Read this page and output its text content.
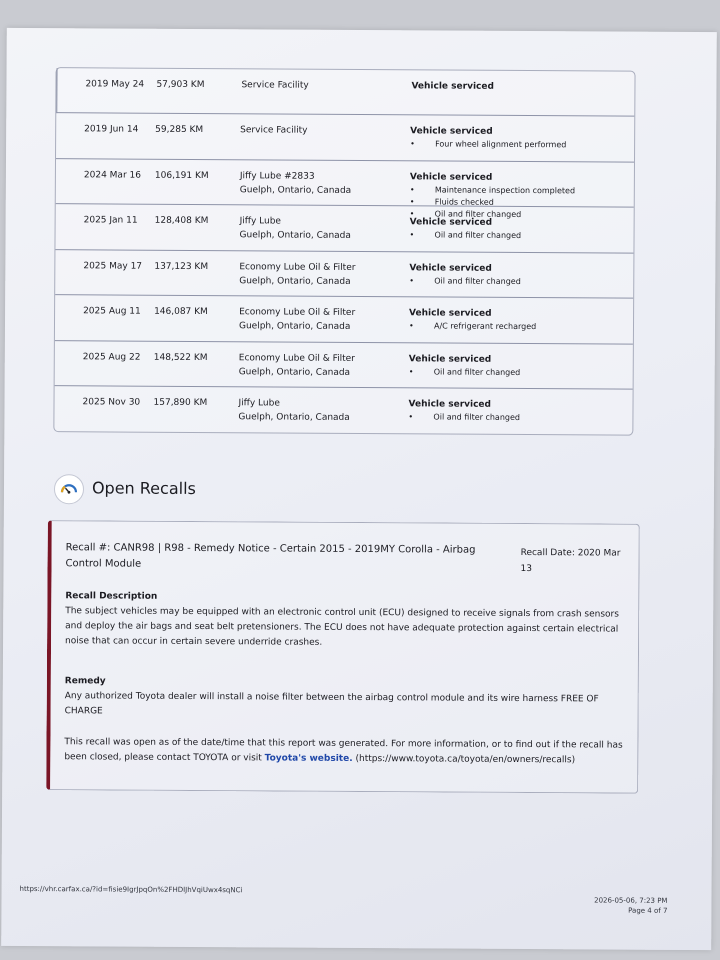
2019 May 24	57,903 KM	Service Facility	Vehicle serviced
2019 Jun 14	59,285 KM	Service Facility	Vehicle serviced
• Four wheel alignment performed
2024 Mar 16	106,191 KM	Jiffy Lube #2833
Guelph, Ontario, Canada
Vehicle serviced
• Maintenance inspection completed
• Fluids checked
• Oil and filter changed
2025 Jan 11	128,408 KM	Jiffy Lube
Guelph, Ontario, Canada
Vehicle serviced
• Oil and filter changed
2025 May 17	137,123 KM	Economy Lube Oil & Filter
Guelph, Ontario, Canada
Vehicle serviced
• Oil and filter changed
2025 Aug 11	146,087 KM	Economy Lube Oil & Filter
Guelph, Ontario, Canada
Vehicle serviced
• A/C refrigerant recharged
2025 Aug 22	148,522 KM	Economy Lube Oil & Filter
Guelph, Ontario, Canada
Vehicle serviced
• Oil and filter changed
2025 Nov 30	157,890 KM	Jiffy Lube
Guelph, Ontario, Canada
Vehicle serviced
• Oil and filter changed
Open Recalls
Recall #: CANR98 | R98 - Remedy Notice - Certain 2015 - 2019MY Corolla - Airbag Control Module
Recall Date: 2020 Mar 13
Recall Description
The subject vehicles may be equipped with an electronic control unit (ECU) designed to receive signals from crash sensors and deploy the air bags and seat belt pretensioners. The ECU does not have adequate protection against certain electrical noise that can occur in certain severe underride crashes.
Remedy
Any authorized Toyota dealer will install a noise filter between the airbag control module and its wire harness FREE OF CHARGE
This recall was open as of the date/time that this report was generated. For more information, or to find out if the recall has been closed, please contact TOYOTA or visit Toyota's website. (https://www.toyota.ca/toyota/en/owners/recalls)
https://vhr.carfax.ca/?id=fisie9IgrJpqOn%2FHDIJhVqiUwx4sqNCi
2026-05-06, 7:23 PM
Page 4 of 7
